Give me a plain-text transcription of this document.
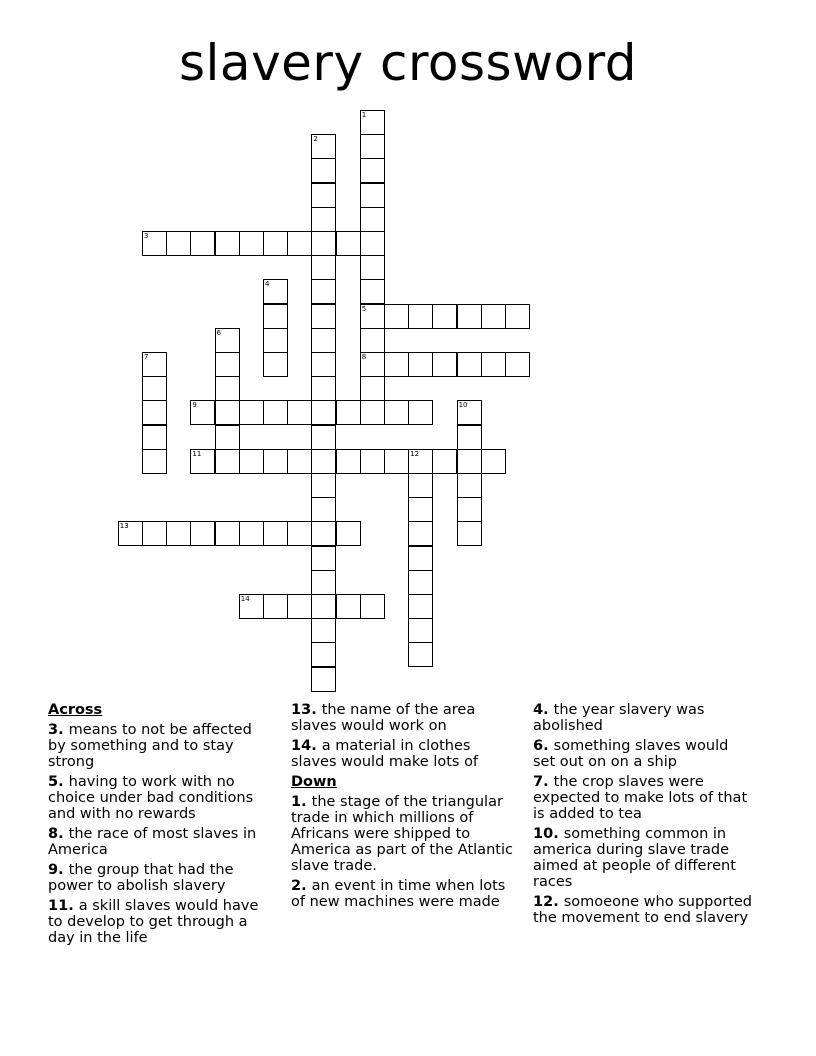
slavery crossword
1
5
8
2
3
4
6
7
9	10
11	12
13
14
Across
3. means to not be affected by something and to stay strong
5. having to work with no choice under bad conditions and with no rewards
8. the race of most slaves in America
9. the group that had the power to abolish slavery
11. a skill slaves would have to develop to get through a day in the life
13. the name of the area slaves would work on
14. a material in clothes slaves would make lots of
Down
1. the stage of the triangular trade in which millions of Africans were shipped to America as part of the Atlantic slave trade.
2. an event in time when lots of new machines were made
4. the year slavery was abolished
6. something slaves would set out on on a ship
7. the crop slaves were expected to make lots of that is added to tea
10. something common in america during slave trade aimed at people of different races
12. somoeone who supported the movement to end slavery
